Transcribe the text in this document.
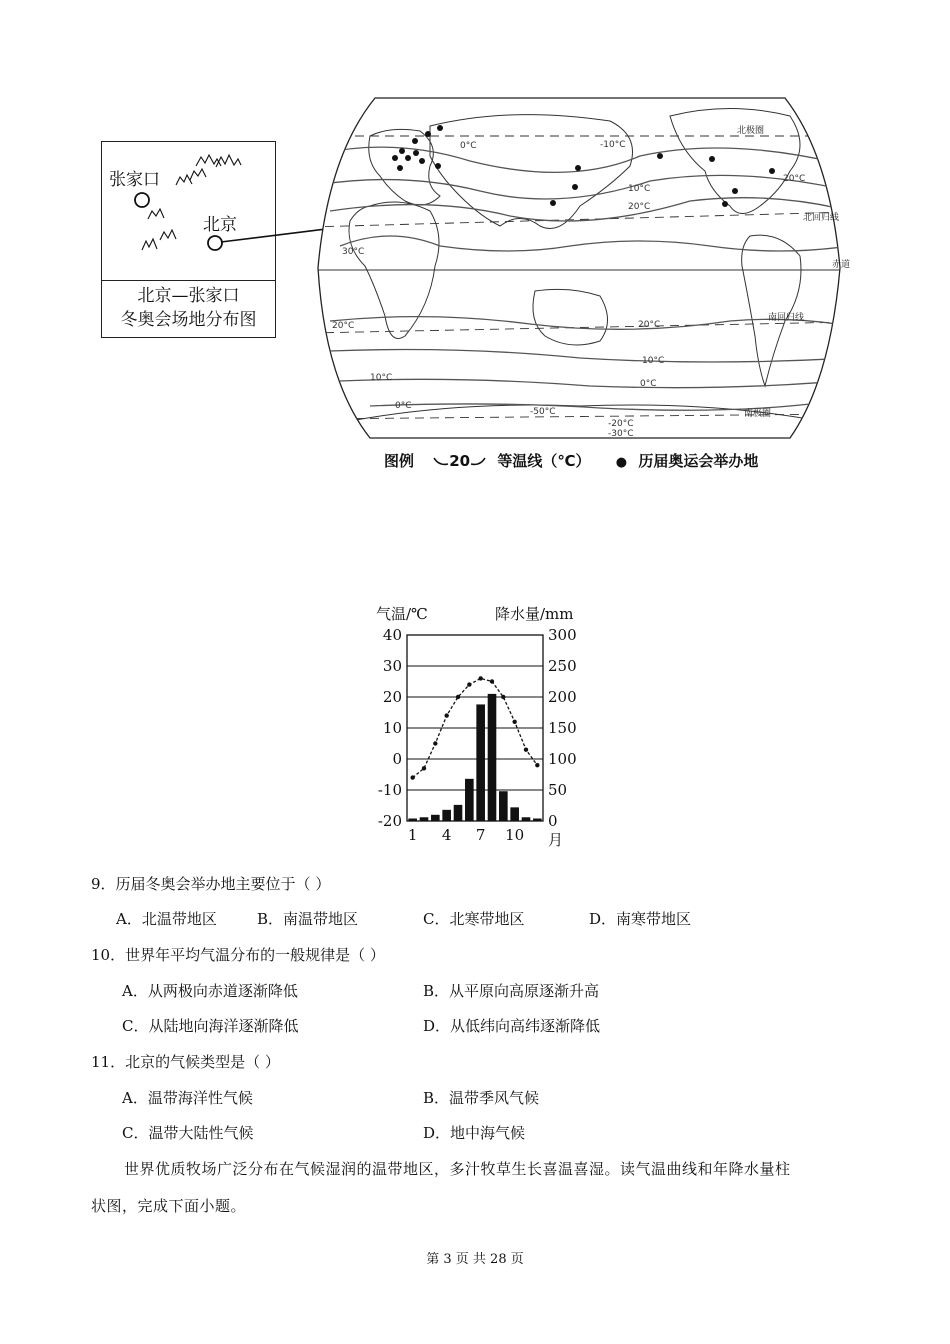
张家口
北京
北京—张家口
冬奥会场地分布图
30°C
20°C
20°C
20°C
20°C
10°C
10°C
10°C
0°C
0°C
0°C
-10°C
-20°C
-30°C
-50°C
赤道
北回归线
南回归线
北极圈
南极圈
图例 20 等温线（℃） ● 历届奥运会举办地
气温/℃	降水量/mm
40
30
20
10
0
-10
-20
300
250
200
150
100
50
0
1 4 7 10 月
9．历届冬奥会举办地主要位于（ ）
A．北温带地区	B．南温带地区	C．北寒带地区	D．南寒带地区
10．世界年平均气温分布的一般规律是（ ）
A．从两极向赤道逐渐降低	B．从平原向高原逐渐升高
C．从陆地向海洋逐渐降低	D．从低纬向高纬逐渐降低
11．北京的气候类型是（ ）
A．温带海洋性气候	B．温带季风气候
C．温带大陆性气候	D．地中海气候
世界优质牧场广泛分布在气候湿润的温带地区，多汁牧草生长喜温喜湿。读气温曲线和年降水量柱
状图，完成下面小题。
第 3 页 共 28 页
